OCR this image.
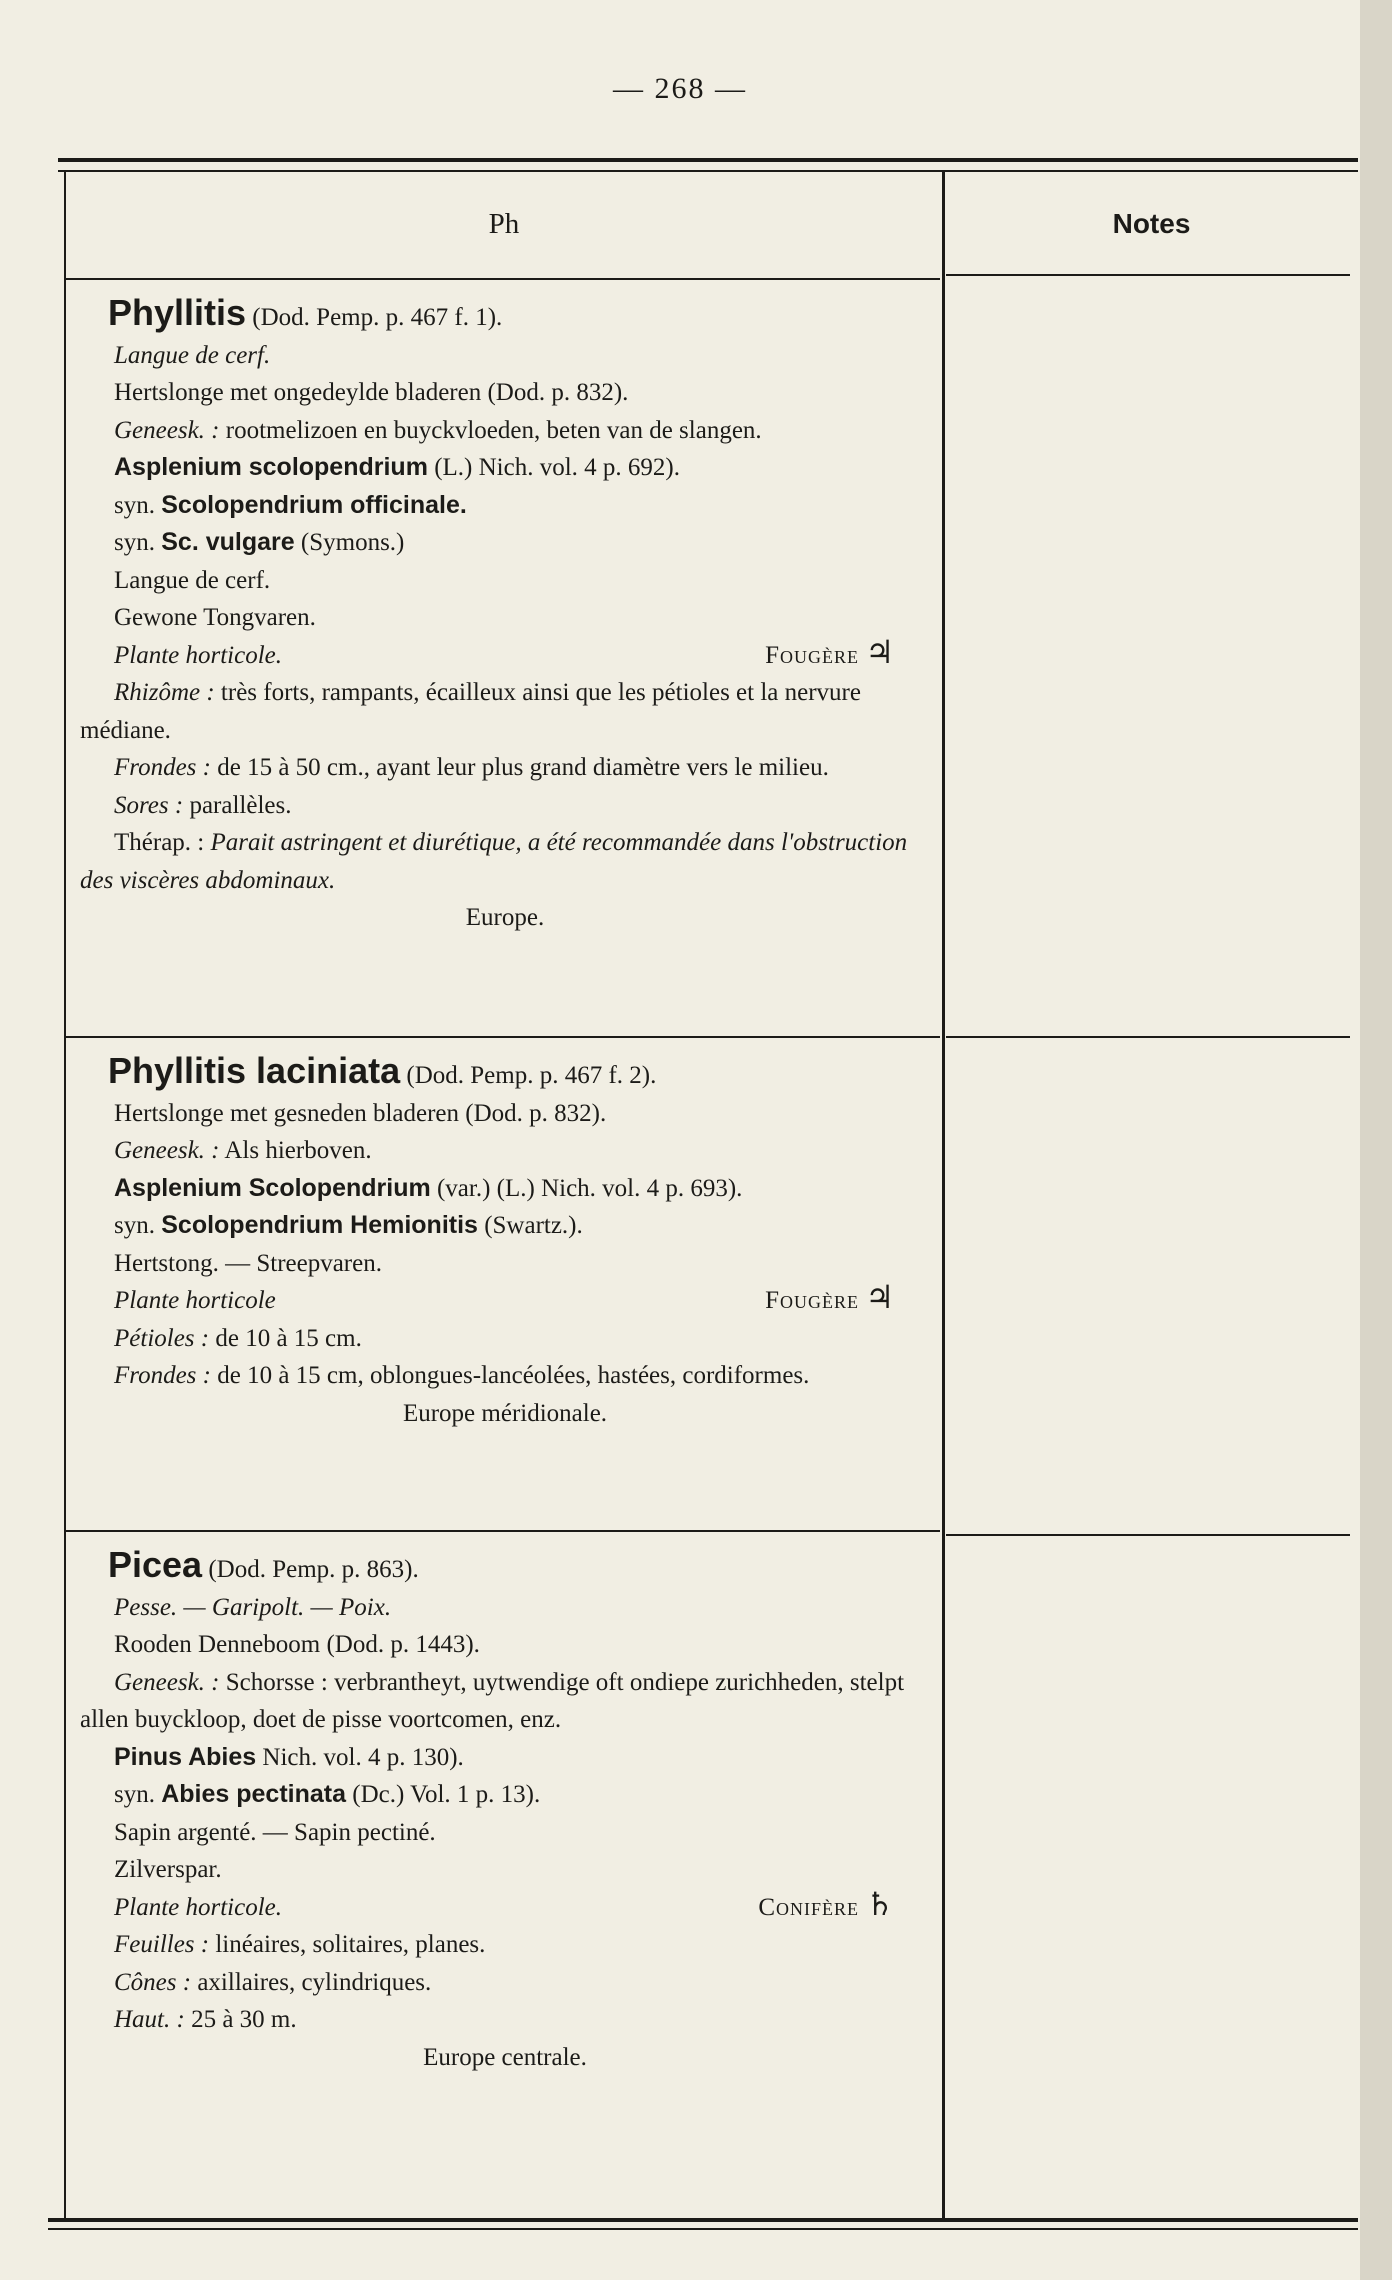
— 268 —
Ph	Notes

Phyllitis (Dod. Pemp. p. 467 f. 1).

Langue de cerf.

Hertslonge met ongedeylde bladeren (Dod. p. 832).

Geneesk. : rootmelizoen en buyckvloeden, beten van de slangen.

Asplenium scolopendrium (L.) Nich. vol. 4 p. 692).

syn. Scolopendrium officinale.

syn. Sc. vulgare (Symons.)

Langue de cerf.

Gewone Tongvaren.

Plante horticole.	Fougère ♃

Rhizôme : très forts, rampants, écailleux ainsi que les pétioles et la nervure médiane.

Frondes : de 15 à 50 cm., ayant leur plus grand diamètre vers le milieu.

Sores : parallèles.

Thérap. : Parait astringent et diurétique, a été recommandée dans l'obstruction des viscères abdominaux.

Europe.

Phyllitis laciniata (Dod. Pemp. p. 467 f. 2).

Hertslonge met gesneden bladeren (Dod. p. 832).

Geneesk. : Als hierboven.

Asplenium Scolopendrium (var.) (L.) Nich. vol. 4 p. 693).

syn. Scolopendrium Hemionitis (Swartz.).

Hertstong. — Streepvaren.

Plante horticole	Fougère ♃

Pétioles : de 10 à 15 cm.

Frondes : de 10 à 15 cm, oblongues-lancéolées, hastées, cordiformes.

Europe méridionale.

Picea (Dod. Pemp. p. 863).

Pesse. — Garipolt. — Poix.

Rooden Denneboom (Dod. p. 1443).

Geneesk. : Schorsse : verbrantheyt, uytwendige oft ondiepe zurichheden, stelpt allen buyckloop, doet de pisse voortcomen, enz.

Pinus Abies Nich. vol. 4 p. 130).

syn. Abies pectinata (Dc.) Vol. 1 p. 13).

Sapin argenté. — Sapin pectiné.

Zilverspar.

Plante horticole.	Conifère ♄

Feuilles : linéaires, solitaires, planes.

Cônes : axillaires, cylindriques.

Haut. : 25 à 30 m.

Europe centrale.
